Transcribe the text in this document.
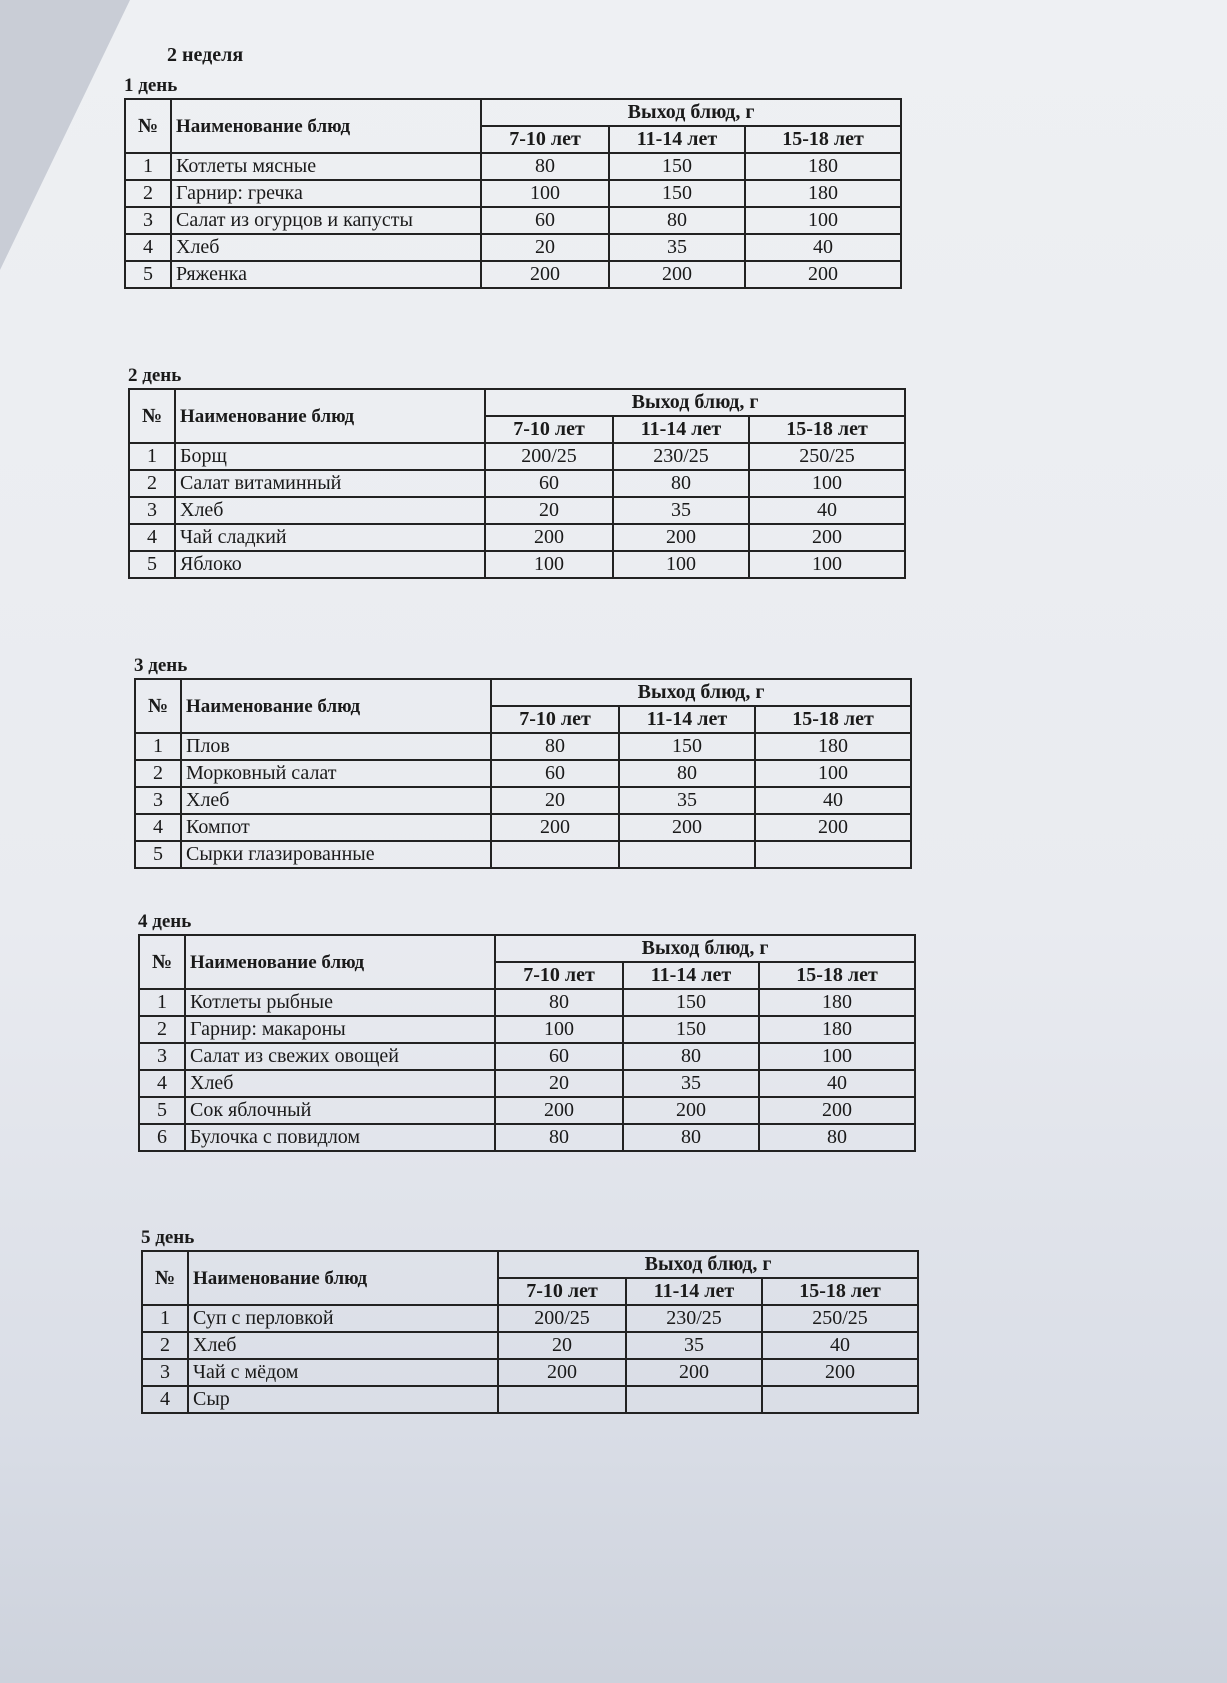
2 неделя
1 день
№	Наименование блюд	Выход блюд, г		
		7-10 лет	11-14 лет	15-18 лет
1	Котлеты мясные	80	150	180
2	Гарнир: гречка	100	150	180
3	Салат из огурцов и капусты	60	80	100
4	Хлеб	20	35	40
5	Ряженка	200	200	200
2 день
№	Наименование блюд	Выход блюд, г		
		7-10 лет	11-14 лет	15-18 лет
1	Борщ	200/25	230/25	250/25
2	Салат витаминный	60	80	100
3	Хлеб	20	35	40
4	Чай сладкий	200	200	200
5	Яблоко	100	100	100
3 день
№	Наименование блюд	Выход блюд, г		
		7-10 лет	11-14 лет	15-18 лет
1	Плов	80	150	180
2	Морковный салат	60	80	100
3	Хлеб	20	35	40
4	Компот	200	200	200
5	Сырки глазированные			
4 день
№	Наименование блюд	Выход блюд, г		
		7-10 лет	11-14 лет	15-18 лет
1	Котлеты рыбные	80	150	180
2	Гарнир: макароны	100	150	180
3	Салат из свежих овощей	60	80	100
4	Хлеб	20	35	40
5	Сок яблочный	200	200	200
6	Булочка с повидлом	80	80	80
5 день
№	Наименование блюд	Выход блюд, г		
		7-10 лет	11-14 лет	15-18 лет
1	Суп с перловкой	200/25	230/25	250/25
2	Хлеб	20	35	40
3	Чай с мёдом	200	200	200
4	Сыр			
